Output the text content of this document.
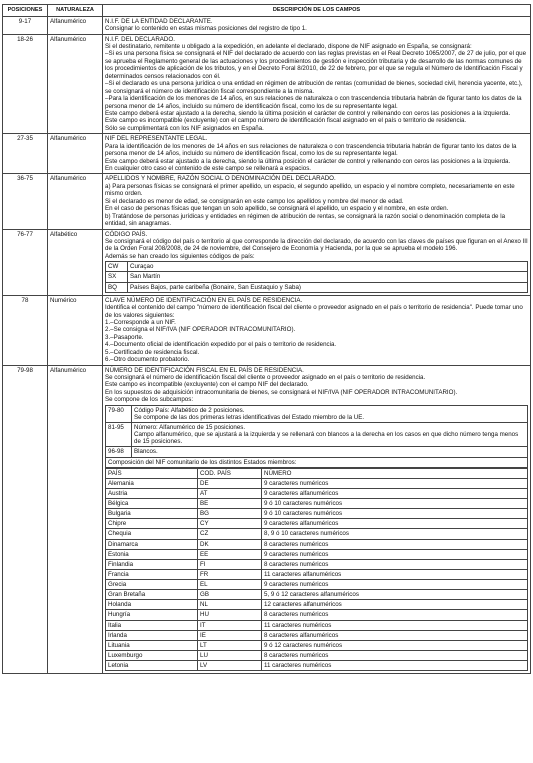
POSICIONES	NATURALEZA	DESCRIPCIÓN DE LOS CAMPOS
9-17	Alfanumérico	N.I.F. DE LA ENTIDAD DECLARANTE.

Consignar lo contenido en estas mismas posiciones del registro de tipo 1.

18-26	Alfanumérico	N.I.F. DEL DECLARADO.

Si el destinatario, remitente u obligado a la expedición, en adelante el declarado, dispone de NIF asignado en España, se consignará:

–Si es una persona física se consignará el NIF del declarado de acuerdo con las reglas previstas en el Real Decreto 1065/2007, de 27 de julio, por el que se aprueba el Reglamento general de las actuaciones y los procedimientos de gestión e inspección tributaria y de desarrollo de las normas comunes de los procedimientos de aplicación de los tributos, y en el Decreto Foral 8/2010, de 22 de febrero, por el que se regula el Número de Identificación Fiscal y determinados censos relacionados con él.

–Si el declarado es una persona jurídica o una entidad en régimen de atribución de rentas (comunidad de bienes, sociedad civil, herencia yacente, etc.), se consignará el número de identificación fiscal correspondiente a la misma.

–Para la identificación de los menores de 14 años, en sus relaciones de naturaleza o con trascendencia tributaria habrán de figurar tanto los datos de la persona menor de 14 años, incluido su número de identificación fiscal, como los de su representante legal.

Este campo deberá estar ajustado a la derecha, siendo la última posición el carácter de control y rellenando con ceros las posiciones a la izquierda.

Este campo es incompatible (excluyente) con el campo número de identificación fiscal asignado en el país o territorio de residencia.

Sólo se cumplimentará con los NIF asignados en España.

27-35	Alfanumérico	NIF DEL REPRESENTANTE LEGAL.

Para la identificación de los menores de 14 años en sus relaciones de naturaleza o con trascendencia tributaria habrán de figurar tanto los datos de la persona menor de 14 años, incluido su número de identificación fiscal, como los de su representante legal.

Este campo deberá estar ajustado a la derecha, siendo la última posición el carácter de control y rellenando con ceros las posiciones a la izquierda.

En cualquier otro caso el contenido de este campo se rellenará a espacios.

36-75	Alfanumérico	APELLIDOS Y NOMBRE, RAZÓN SOCIAL O DENOMINACIÓN DEL DECLARADO.

a) Para personas físicas se consignará el primer apellido, un espacio, el segundo apellido, un espacio y el nombre completo, necesariamente en este mismo orden.

Si el declarado es menor de edad, se consignarán en este campo los apellidos y nombre del menor de edad.

En el caso de personas físicas que tengan un solo apellido, se consignará el apellido, un espacio y el nombre, en este orden.

b) Tratándose de personas jurídicas y entidades en régimen de atribución de rentas, se consignará la razón social o denominación completa de la entidad, sin anagramas.

76-77	Alfabético	CÓDIGO PAÍS.

Se consignará el código del país o territorio al que corresponde la dirección del declarado, de acuerdo con las claves de países que figuran en el Anexo III de la Orden Foral 208/2008, de 24 de noviembre, del Consejero de Economía y Hacienda, por la que se aprueba el modelo 196.

Además se han creado los siguientes códigos de país:

CW	Curaçao
SX	San Martín
BQ	Países Bajos, parte caribeña (Bonaire, San Eustaquio y Saba)

78	Numérico	CLAVE NÚMERO DE IDENTIFICACIÓN EN EL PAÍS DE RESIDENCIA.

Identifica el contenido del campo "número de identificación fiscal del cliente o proveedor asignado en el país o territorio de residencia". Puede tomar uno de los valores siguientes:

1.–Corresponde a un NIF.

2.–Se consigna el NIF/IVA (NIF OPERADOR INTRACOMUNITARIO).

3.–Pasaporte.

4.–Documento oficial de identificación expedido por el país o territorio de residencia.

5.–Certificado de residencia fiscal.

6.–Otro documento probatorio.

79-98	Alfanumérico	NÚMERO DE IDENTIFICACIÓN FISCAL EN EL PAÍS DE RESIDENCIA.

Se consignará el número de identificación fiscal del cliente o proveedor asignado en el país o territorio de residencia.

Este campo es incompatible (excluyente) con el campo NIF del declarado.

En los supuestos de adquisición intracomunitaria de bienes, se consignará el NIF/IVA (NIF OPERADOR INTRACOMUNITARIO).

Se compone de los subcampos:

79-80	Código País: Alfabético de 2 posiciones.

Se compone de las dos primeras letras identificativas del Estado miembro de la UE.

81-95	Número: Alfanumérico de 15 posiciones.

Campo alfanumérico, que se ajustará a la izquierda y se rellenará con blancos a la derecha en los casos en que dicho número tenga menos de 15 posiciones.

96-98	Blancos.

Composición del NIF comunitario de los distintos Estados miembros:
PAÍS	COD. PAÍS	NÚMERO
Alemania	DE	9 caracteres numéricos
Austria	AT	9 caracteres alfanuméricos
Bélgica	BE	9 ó 10 caracteres numéricos
Bulgaria	BG	9 ó 10 caracteres numéricos
Chipre	CY	9 caracteres alfanuméricos
Chequia	CZ	8, 9 ó 10 caracteres numéricos
Dinamarca	DK	8 caracteres numéricos
Estonia	EE	9 caracteres numéricos
Finlandia	FI	8 caracteres numéricos
Francia	FR	11 caracteres alfanuméricos
Grecia	EL	9 caracteres numéricos
Gran Bretaña	GB	5, 9 ó 12 caracteres alfanuméricos
Holanda	NL	12 caracteres alfanuméricos
Hungría	HU	8 caracteres numéricos
Italia	IT	11 caracteres numéricos
Irlanda	IE	8 caracteres alfanuméricos
Lituania	LT	9 ó 12 caracteres numéricos
Luxemburgo	LU	8 caracteres numéricos
Letonia	LV	11 caracteres numéricos
